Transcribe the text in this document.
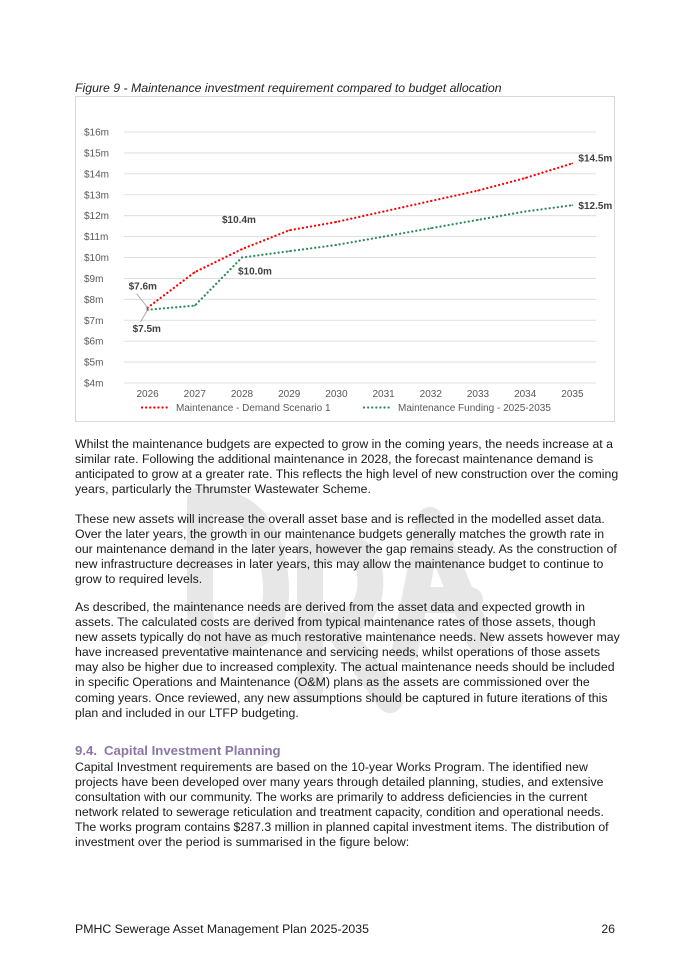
Figure 9 - Maintenance investment requirement compared to budget allocation
$4m
$5m
$6m
$7m
$8m
$9m
$10m
$11m
$12m
$13m
$14m
$15m
$16m
2026 2027 2028 2029 2030 2031 2032 2033 2034 2035
$7.6m
$10.4m
$14.5m
$7.5m
$10.0m
$12.5m
Maintenance - Demand Scenario 1	Maintenance Funding - 2025-2035

Whilst the maintenance budgets are expected to grow in the coming years, the needs increase at a similar rate. Following the additional maintenance in 2028, the forecast maintenance demand is anticipated to grow at a greater rate. This reflects the high level of new construction over the coming years, particularly the Thrumster Wastewater Scheme.

These new assets will increase the overall asset base and is reflected in the modelled asset data. Over the later years, the growth in our maintenance budgets generally matches the growth rate in our maintenance demand in the later years, however the gap remains steady. As the construction of new infrastructure decreases in later years, this may allow the maintenance budget to continue to grow to required levels.

As described, the maintenance needs are derived from the asset data and expected growth in assets. The calculated costs are derived from typical maintenance rates of those assets, though new assets typically do not have as much restorative maintenance needs. New assets however may have increased preventative maintenance and servicing needs, whilst operations of those assets may also be higher due to increased complexity. The actual maintenance needs should be included in specific Operations and Maintenance (O&M) plans as the assets are commissioned over the coming years. Once reviewed, any new assumptions should be captured in future iterations of this plan and included in our LTFP budgeting.

9.4. Capital Investment Planning

Capital Investment requirements are based on the 10-year Works Program. The identified new projects have been developed over many years through detailed planning, studies, and extensive consultation with our community. The works are primarily to address deficiencies in the current network related to sewerage reticulation and treatment capacity, condition and operational needs. The works program contains $287.3 million in planned capital investment items. The distribution of investment over the period is summarised in the figure below:

PMHC Sewerage Asset Management Plan 2025-2035	26
